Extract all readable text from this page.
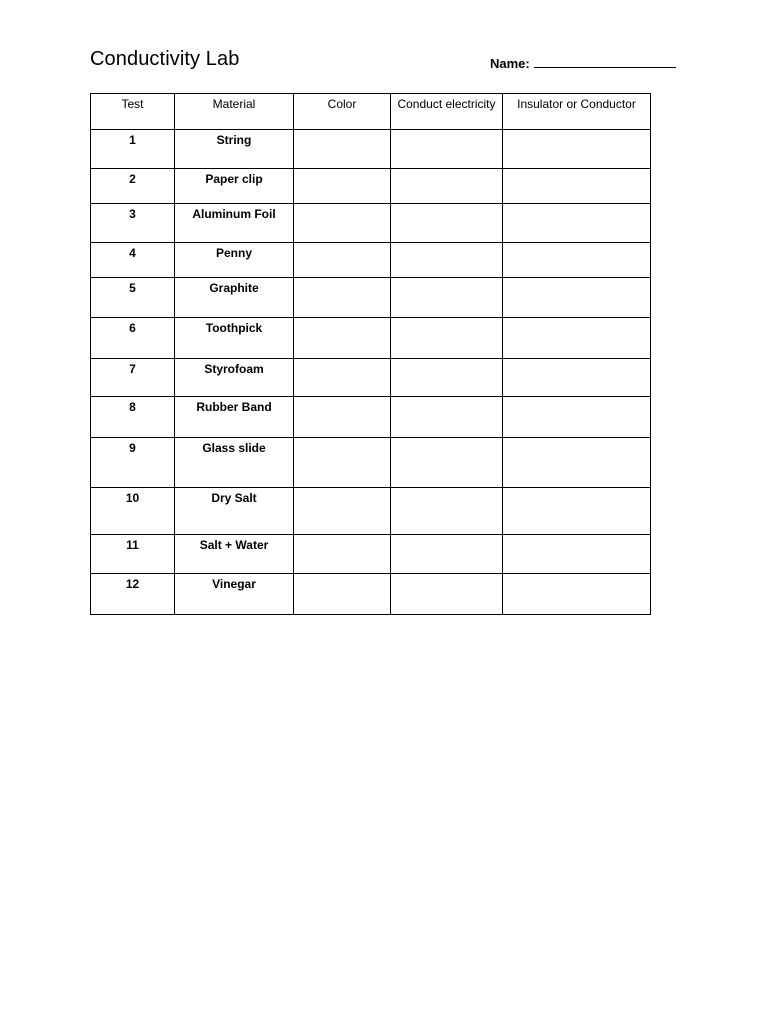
Conductivity Lab	Name:
Test	Material	Color	Conduct electricity	Insulator or Conductor
1	String			
2	Paper clip			
3	Aluminum Foil			
4	Penny			
5	Graphite			
6	Toothpick			
7	Styrofoam			
8	Rubber Band			
9	Glass slide			
10	Dry Salt			
11	Salt + Water			
12	Vinegar			
